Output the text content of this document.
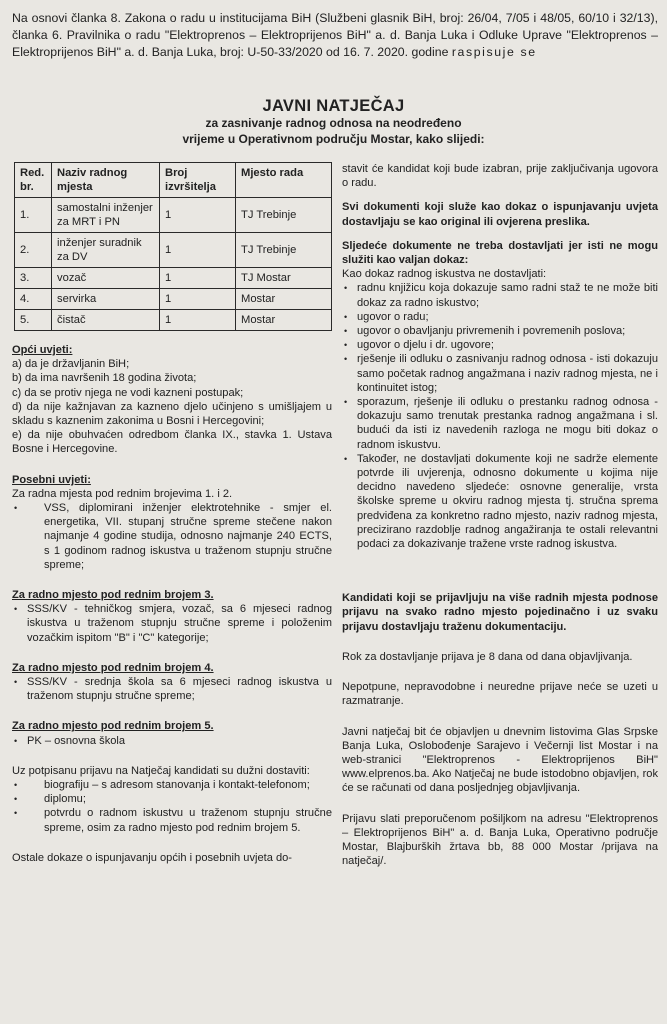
Na osnovi članka 8. Zakona o radu u institucijama BiH (Službeni glasnik BiH, broj: 26/04, 7/05 i 48/05, 60/10 i 32/13), članka 6. Pravilnika o radu "Elektroprenos – Elektroprijenos BiH" a. d. Banja Luka i Odluke Uprave "Elektroprenos – Elektroprijenos BiH" a. d. Banja Luka, broj: U-50-33/2020 od 16. 7. 2020. godine raspisuje se
JAVNI NATJEČAJ
za zasnivanje radnog odnosa na neodređeno
vrijeme u Operativnom području Mostar, kako slijedi:
Red. br.	Naziv radnog mjesta	Broj izvršitelja	Mjesto rada
1.	samostalni inženjer za MRT i PN	1	TJ Trebinje
2.	inženjer suradnik za DV	1	TJ Trebinje
3.	vozač	1	TJ Mostar
4.	servirka	1	Mostar
5.	čistač	1	Mostar

Opći uvjeti:

a) da je državljanin BiH;

b) da ima navršenih 18 godina života;

c) da se protiv njega ne vodi kazneni postupak;

d) da nije kažnjavan za kazneno djelo učinjeno s umišljajem u skladu s kaznenim zakonima u Bosni i Hercegovini;

e) da nije obuhvaćen odredbom članka IX., stavka 1. Ustava Bosne i Hercegovine.

Posebni uvjeti:

Za radna mjesta pod rednim brojevima 1. i 2.

• VSS, diplomirani inženjer elektrotehnike - smjer el. energetika, VII. stupanj stručne spreme stečene nakon najmanje 4 godine studija, odnosno najmanje 240 ECTS, s 1 godinom radnog iskustva u traženom stupnju stručne spreme;

Za radno mjesto pod rednim brojem 3.

• SSS/KV - tehničkog smjera, vozač, sa 6 mjeseci radnog iskustva u traženom stupnju stručne spreme i položenim vozačkim ispitom "B" i "C" kategorije;

Za radno mjesto pod rednim brojem 4.

• SSS/KV - srednja škola sa 6 mjeseci radnog iskustva u traženom stupnju stručne spreme;

Za radno mjesto pod rednim brojem 5.

• PK – osnovna škola

Uz potpisanu prijavu na Natječaj kandidati su dužni dostaviti:

• biografiju – s adresom stanovanja i kontakt-telefonom;
• diplomu;
• potvrdu o radnom iskustvu u traženom stupnju stručne spreme, osim za radno mjesto pod rednim brojem 5.

Ostale dokaze o ispunjavanju općih i posebnih uvjeta do-

stavit će kandidat koji bude izabran, prije zaključivanja ugovora o radu.

Svi dokumenti koji služe kao dokaz o ispunjavanju uvjeta dostavljaju se kao original ili ovjerena preslika.

Sljedeće dokumente ne treba dostavljati jer isti ne mogu služiti kao valjan dokaz:

Kao dokaz radnog iskustva ne dostavljati:

• radnu knjižicu koja dokazuje samo radni staž te ne može biti dokaz za radno iskustvo;
• ugovor o radu;
• ugovor o obavljanju privremenih i povremenih poslova;
• ugovor o djelu i dr. ugovore;
• rješenje ili odluku o zasnivanju radnog odnosa - isti dokazuju samo početak radnog angažmana i naziv radnog mjesta, ne i kontinuitet istog;
• sporazum, rješenje ili odluku o prestanku radnog odnosa - dokazuju samo trenutak prestanka radnog angažmana i sl. budući da isti iz navedenih razloga ne mogu biti dokaz o radnom iskustvu.
• Također, ne dostavljati dokumente koji ne sadrže elemente potvrde ili uvjerenja, odnosno dokumente u kojima nije decidno navedeno sljedeće: osnovne generalije, vrsta školske spreme u okviru radnog mjesta tj. stručna sprema predviđena za konkretno radno mjesto, naziv radnog mjesta, precizirano razdoblje radnog angažiranja te ostali relevantni podaci za dokazivanje tražene vrste radnog iskustva.

Kandidati koji se prijavljuju na više radnih mjesta podnose prijavu na svako radno mjesto pojedinačno i uz svaku prijavu dostavljaju traženu dokumentaciju.

Rok za dostavljanje prijava je 8 dana od dana objavljivanja.

Nepotpune, nepravodobne i neuredne prijave neće se uzeti u razmatranje.

Javni natječaj bit će objavljen u dnevnim listovima Glas Srpske Banja Luka, Oslobođenje Sarajevo i Večernji list Mostar i na web-stranici "Elektroprenos - Elektroprijenos BiH" www.elprenos.ba. Ako Natječaj ne bude istodobno objavljen, rok će se računati od dana posljednjeg objavljivanja.

Prijavu slati preporučenom pošiljkom na adresu "Elektroprenos – Elektroprijenos BiH" a. d. Banja Luka, Operativno područje Mostar, Blajburških žrtava bb, 88 000 Mostar /prijava na natječaj/.
